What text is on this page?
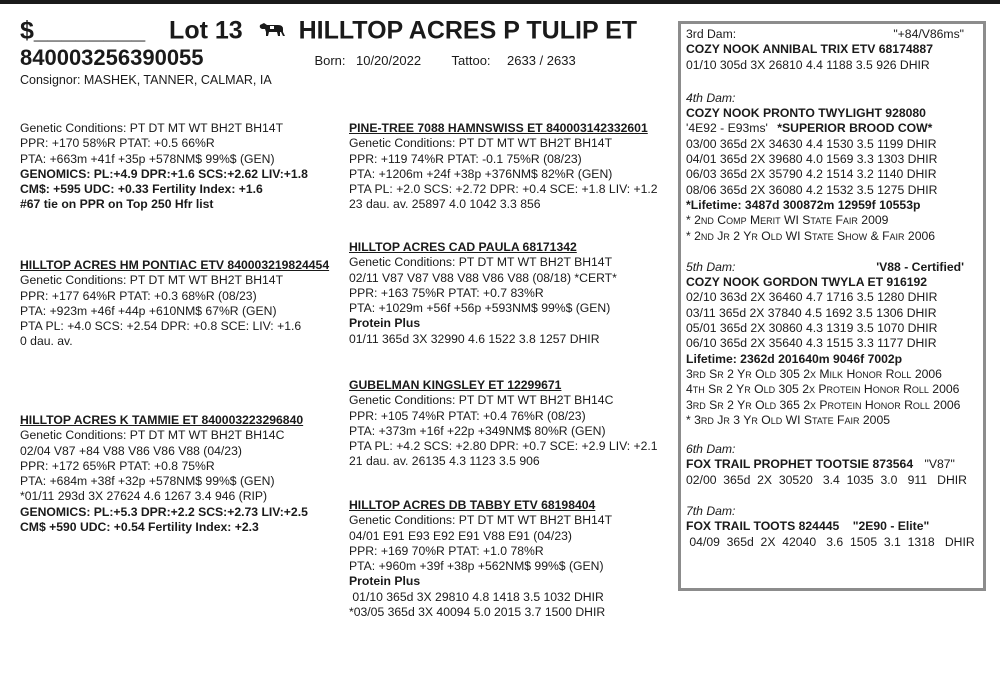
$________ Lot 13 HILLTOP ACRES P TULIP ET
840003256390055	Born: 10/20/2022 Tattoo: 2633 / 2633
Consignor: MASHEK, TANNER, CALMAR, IA
Genetic Conditions: PT DT MT WT BH2T BH14T
PPR: +170 58%R PTAT: +0.5 66%R
PTA: +663m +41f +35p +578NM$ 99%$ (GEN)
GENOMICS: PL:+4.9 DPR:+1.6 SCS:+2.62 LIV:+1.8
CM$: +595 UDC: +0.33 Fertility Index: +1.6
#67 tie on PPR on Top 250 Hfr list
HILLTOP ACRES HM PONTIAC ETV 840003219824454
Genetic Conditions: PT DT MT WT BH2T BH14T
PPR: +177 64%R PTAT: +0.3 68%R (08/23)
PTA: +923m +46f +44p +610NM$ 67%R (GEN)
PTA PL: +4.0 SCS: +2.54 DPR: +0.8 SCE: LIV: +1.6
0 dau. av.
HILLTOP ACRES K TAMMIE ET 840003223296840
Genetic Conditions: PT DT MT WT BH2T BH14C
02/04 V87 +84 V88 V86 V86 V88 (04/23)
PPR: +172 65%R PTAT: +0.8 75%R
PTA: +684m +38f +32p +578NM$ 99%$ (GEN)
*01/11 293d 3X 27624 4.6 1267 3.4 946 (RIP)
GENOMICS: PL:+5.3 DPR:+2.2 SCS:+2.73 LIV:+2.5
CM$ +590 UDC: +0.54 Fertility Index: +2.3
PINE-TREE 7088 HAMNSWISS ET 840003142332601
Genetic Conditions: PT DT MT WT BH2T BH14T
PPR: +119 74%R PTAT: -0.1 75%R (08/23)
PTA: +1206m +24f +38p +376NM$ 82%R (GEN)
PTA PL: +2.0 SCS: +2.72 DPR: +0.4 SCE: +1.8 LIV: +1.2
23 dau. av. 25897 4.0 1042 3.3 856
HILLTOP ACRES CAD PAULA 68171342
Genetic Conditions: PT DT MT WT BH2T BH14T
02/11 V87 V87 V88 V88 V86 V88 (08/18) *CERT*
PPR: +163 75%R PTAT: +0.7 83%R
PTA: +1029m +56f +56p +593NM$ 99%$ (GEN)
Protein Plus
01/11 365d 3X 32990 4.6 1522 3.8 1257 DHIR
GUBELMAN KINGSLEY ET 12299671
Genetic Conditions: PT DT MT WT BH2T BH14C
PPR: +105 74%R PTAT: +0.4 76%R (08/23)
PTA: +373m +16f +22p +349NM$ 80%R (GEN)
PTA PL: +4.2 SCS: +2.80 DPR: +0.7 SCE: +2.9 LIV: +2.1
21 dau. av. 26135 4.3 1123 3.5 906
HILLTOP ACRES DB TABBY ETV 68198404
Genetic Conditions: PT DT MT WT BH2T BH14T
04/01 E91 E93 E92 E91 V88 E91 (04/23)
PPR: +169 70%R PTAT: +1.0 78%R
PTA: +960m +39f +38p +562NM$ 99%$ (GEN)
Protein Plus
01/10 365d 3X 29810 4.8 1418 3.5 1032 DHIR
*03/05 365d 3X 40094 5.0 2015 3.7 1500 DHIR
3rd Dam:	"+84/V86ms"
COZY NOOK ANNIBAL TRIX ETV 68174887
01/10 305d 3X 26810 4.4 1188 3.5 926 DHIR
4th Dam:
COZY NOOK PRONTO TWYLIGHT 928080
'4E92 - E93ms' *SUPERIOR BROOD COW*
03/00 365d 2X 34630 4.4 1530 3.5 1199 DHIR
04/01 365d 2X 39680 4.0 1569 3.3 1303 DHIR
06/03 365d 2X 35790 4.2 1514 3.2 1140 DHIR
08/06 365d 2X 36080 4.2 1532 3.5 1275 DHIR
*Lifetime: 3487d 300872m 12959f 10553p
* 2nd Comp Merit WI State Fair 2009
* 2nd Jr 2 Yr Old WI State Show & Fair 2006
5th Dam:	'V88 - Certified'
COZY NOOK GORDON TWYLA ET 916192
02/10 363d 2X 36460 4.7 1716 3.5 1280 DHIR
03/11 365d 2X 37840 4.5 1692 3.5 1306 DHIR
05/01 365d 2X 30860 4.3 1319 3.5 1070 DHIR
06/10 365d 2X 35640 4.3 1515 3.3 1177 DHIR
Lifetime: 2362d 201640m 9046f 7002p
3rd Sr 2 Yr Old 305 2x Milk Honor Roll 2006
4th Sr 2 Yr Old 305 2x Protein Honor Roll 2006
3rd Sr 2 Yr Old 365 2x Protein Honor Roll 2006
* 3rd Jr 3 Yr Old WI State Fair 2005
6th Dam:
FOX TRAIL PROPHET TOOTSIE 873564 "V87"
02/00  365d  2X  30520   3.4  1035  3.0   911   DHIR
7th Dam:
FOX TRAIL TOOTS 824445 "2E90 - Elite"
04/09  365d  2X  42040   3.6  1505  3.1  1318   DHIR
